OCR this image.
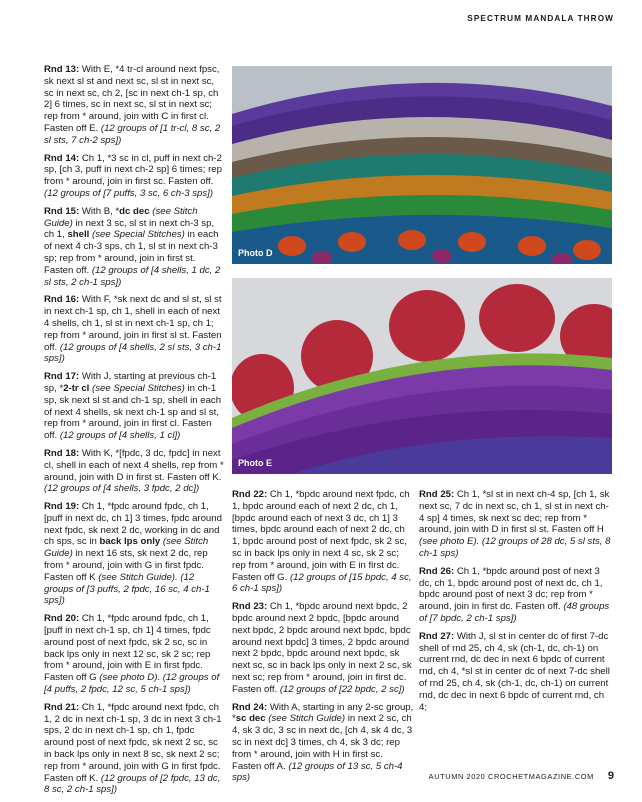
SPECTRUM MANDALA THROW

Rnd 13: With E, *4 tr-cl around next fpsc, sk next sl st and next sc, sl st in next sc, sc in next sc, ch 2, [sc in next ch-1 sp, ch 2] 6 times, sc in next sc, sl st in next sc; rep from * around, join with C in first cl. Fasten off E. (12 groups of [1 tr-cl, 8 sc, 2 sl sts, 7 ch-2 sps])

Rnd 14: Ch 1, *3 sc in cl, puff in next ch-2 sp, [ch 3, puff in next ch-2 sp] 6 times; rep from * around, join in first sc. Fasten off. (12 groups of [7 puffs, 3 sc, 6 ch-3 sps])

Rnd 15: With B, *dc dec (see Stitch Guide) in next 3 sc, sl st in next ch-3 sp, ch 1, shell (see Special Stitches) in each of next 4 ch-3 sps, ch 1, sl st in next ch-3 sp; rep from * around, join in first st. Fasten off. (12 groups of [4 shells, 1 dc, 2 sl sts, 2 ch-1 sps])

Rnd 16: With F, *sk next dc and sl st, sl st in next ch-1 sp, ch 1, shell in each of next 4 shells, ch 1, sl st in next ch-1 sp, ch 1; rep from * around, join in first sl st. Fasten off. (12 groups of [4 shells, 2 sl sts, 3 ch-1 sps])

Rnd 17: With J, starting at previous ch-1 sp, *2-tr cl (see Special Stitches) in ch-1 sp, sk next sl st and ch-1 sp, shell in each of next 4 shells, sk next ch-1 sp and sl st, rep from * around, join in first cl. Fasten off. (12 groups of [4 shells, 1 cl])

Rnd 18: With K, *[fpdc, 3 dc, fpdc] in next cl, shell in each of next 4 shells, rep from * around, join with D in first st. Fasten off K. (12 groups of [4 shells, 3 fpdc, 2 dc])

Rnd 19: Ch 1, *fpdc around fpdc, ch 1, [puff in next dc, ch 1] 3 times, fpdc around next fpdc, sk next 2 dc, working in dc and ch sps, sc in back lps only (see Stitch Guide) in next 16 sts, sk next 2 dc, rep from * around, join with G in first fpdc. Fasten off K (see Stitch Guide). (12 groups of [3 puffs, 2 fpdc, 16 sc, 4 ch-1 sps])

Rnd 20: Ch 1, *fpdc around fpdc, ch 1, [puff in next ch-1 sp, ch 1] 4 times, fpdc around post of next fpdc, sk 2 sc, sc in back lps only in next 12 sc, sk 2 sc; rep from * around, join with E in first fpdc. Fasten off G (see photo D). (12 groups of [4 puffs, 2 fpdc, 12 sc, 5 ch-1 sps])

Rnd 21: Ch 1, *fpdc around next fpdc, ch 1, 2 dc in next ch-1 sp, 3 dc in next 3 ch-1 sps, 2 dc in next ch-1 sp, ch 1, fpdc around post of next fpdc, sk next 2 sc, sc in back lps only in next 8 sc, sk next 2 sc; rep from * around, join with G in first fpdc. Fasten off K. (12 groups of [2 fpdc, 13 dc, 8 sc, 2 ch-1 sps])

Photo D
Photo E

Rnd 22: Ch 1, *bpdc around next fpdc, ch 1, bpdc around each of next 2 dc, ch 1, [bpdc around each of next 3 dc, ch 1] 3 times, bpdc around each of next 2 dc, ch 1, bpdc around post of next fpdc, sk 2 sc, sc in back lps only in next 4 sc, sk 2 sc; rep from * around, join with E in first dc. Fasten off G. (12 groups of [15 bpdc, 4 sc, 6 ch-1 sps])

Rnd 23: Ch 1, *bpdc around next bpdc, 2 bpdc around next 2 bpdc, [bpdc around next bpdc, 2 bpdc around next bpdc, bpdc around next bpdc] 3 times, 2 bpdc around next 2 bpdc, bpdc around next bpdc, sk next sc, sc in back lps only in next 2 sc, sk next sc; rep from * around, join in first dc. Fasten off. (12 groups of [22 bpdc, 2 sc])

Rnd 24: With A, starting in any 2-sc group, *sc dec (see Stitch Guide) in next 2 sc, ch 4, sk 3 dc, 3 sc in next dc, [ch 4, sk 4 dc, 3 sc in next dc] 3 times, ch 4, sk 3 dc; rep from * around, join with H in first sc. Fasten off A. (12 groups of 13 sc, 5 ch-4 sps)

Rnd 25: Ch 1, *sl st in next ch-4 sp, [ch 1, sk next sc, 7 dc in next sc, ch 1, sl st in next ch-4 sp] 4 times, sk next sc dec; rep from * around, join with D in first sl st. Fasten off H (see photo E). (12 groups of 28 dc, 5 sl sts, 8 ch-1 sps)

Rnd 26: Ch 1, *bpdc around post of next 3 dc, ch 1, bpdc around post of next dc, ch 1, bpdc around post of next 3 dc; rep from * around, join in first dc. Fasten off. (48 groups of [7 bpdc, 2 ch-1 sps])

Rnd 27: With J, sl st in center dc of first 7-dc shell of rnd 25, ch 4, sk (ch-1, dc, ch-1) on current rnd, dc dec in next 6 bpdc of current rnd, ch 4, *sl st in center dc of next 7-dc shell of rnd 25, ch 4, sk (ch-1, dc, ch-1) on current rnd, dc dec in next 6 bpdc of current rnd, ch 4;

AUTUMN 2020 CROCHETMAGAZINE.COM 9
